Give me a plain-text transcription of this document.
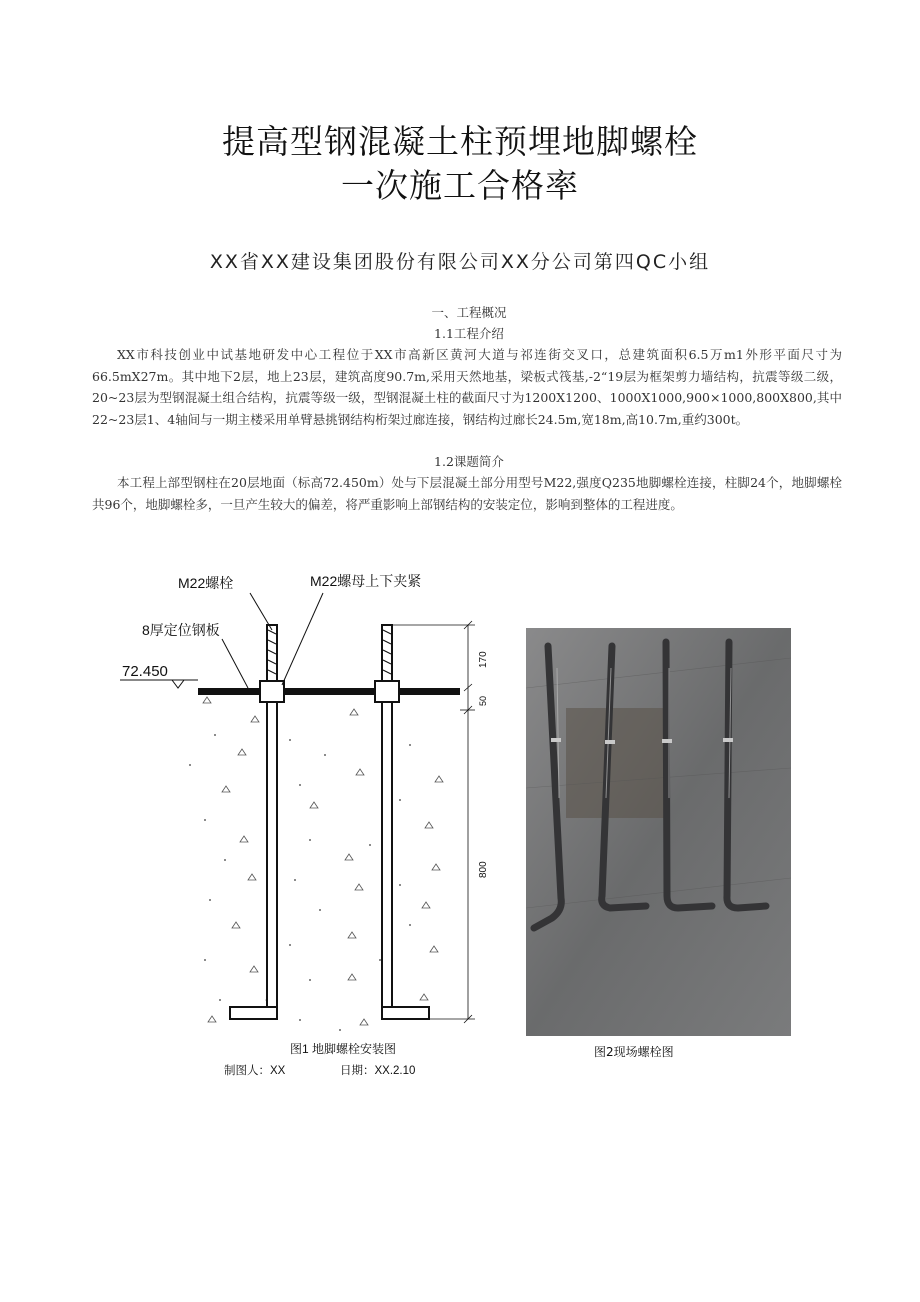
提高型钢混凝土柱预埋地脚螺栓
一次施工合格率
XX省XX建设集团股份有限公司XX分公司第四QC小组
一、工程概况
1.1工程介绍

XX市科技创业中试基地研发中心工程位于XX市高新区黄河大道与祁连街交叉口，总建筑面积6.5万m1外形平面尺寸为66.5mX27m。其中地下2层，地上23层，建筑高度90.7m,采用天然地基，梁板式筏基,-2“19层为框架剪力墙结构，抗震等级二级，20~23层为型钢混凝土组合结构，抗震等级一级，型钢混凝土柱的截面尺寸为1200X1200、1000X1000,900×1000,800X800,其中22~23层1、4轴间与一期主楼采用单臂悬挑钢结构桁架过廊连接，钢结构过廊长24.5m,宽18m,高10.7m,重约300t。

1.2课题简介

本工程上部型钢柱在20层地面（标高72.450m）处与下层混凝土部分用型号M22,强度Q235地脚螺栓连接，柱脚24个，地脚螺栓共96个，地脚螺栓多，一旦产生较大的偏差，将严重影响上部钢结构的安装定位，影响到整体的工程进度。

72.450
M22螺栓	M22螺母上下夹紧
8厚定位钢板
170
50
800
图1 地脚螺栓安装图
制图人：XX	日期：XX.2.10
图2现场螺栓图
